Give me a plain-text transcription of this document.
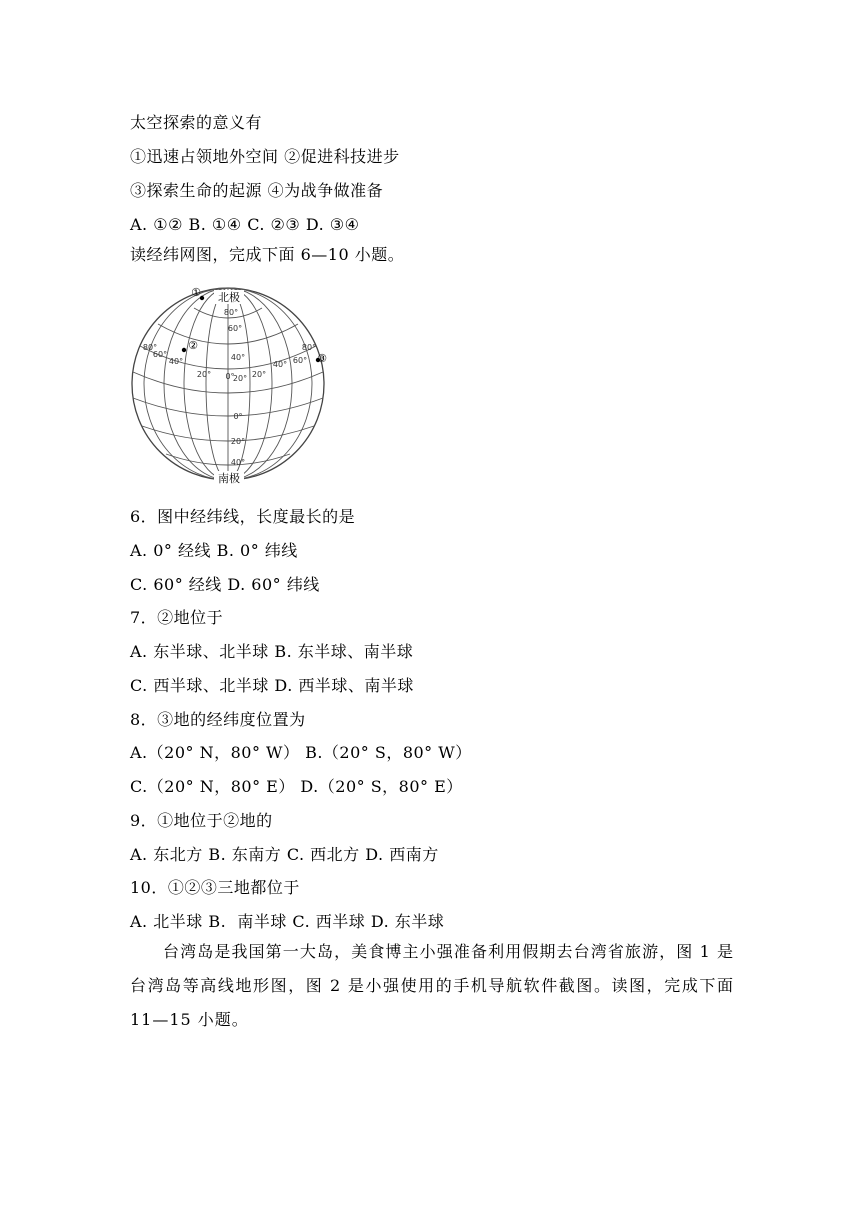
太空探索的意义有
①迅速占领地外空间 ②促进科技进步
③探索生命的起源 ④为战争做准备
A. ①② B. ①④ C. ②③ D. ③④
读经纬网图，完成下面 6—10 小题。
北极
南极
80°
60°
40°
20°
0°
20°
40°
80°
60°
40°
20° 0° 20°
40° 60°
80°
①
②
③
6．图中经纬线，长度最长的是
A. 0° 经线 B. 0° 纬线
C. 60° 经线 D. 60° 纬线
7．②地位于
A. 东半球、北半球 B. 东半球、南半球
C. 西半球、北半球 D. 西半球、南半球
8．③地的经纬度位置为
A.（20° N，80° W） B.（20° S，80° W）
C.（20° N，80° E） D.（20° S，80° E）
9．①地位于②地的
A. 东北方 B. 东南方 C. 西北方 D. 西南方
10．①②③三地都位于
A. 北半球 B.  南半球 C. 西半球 D. 东半球

台湾岛是我国第一大岛，美食博主小强准备利用假期去台湾省旅游，图 1 是台湾岛等高线地形图，图 2 是小强使用的手机导航软件截图。读图，完成下面 11—15 小题。
